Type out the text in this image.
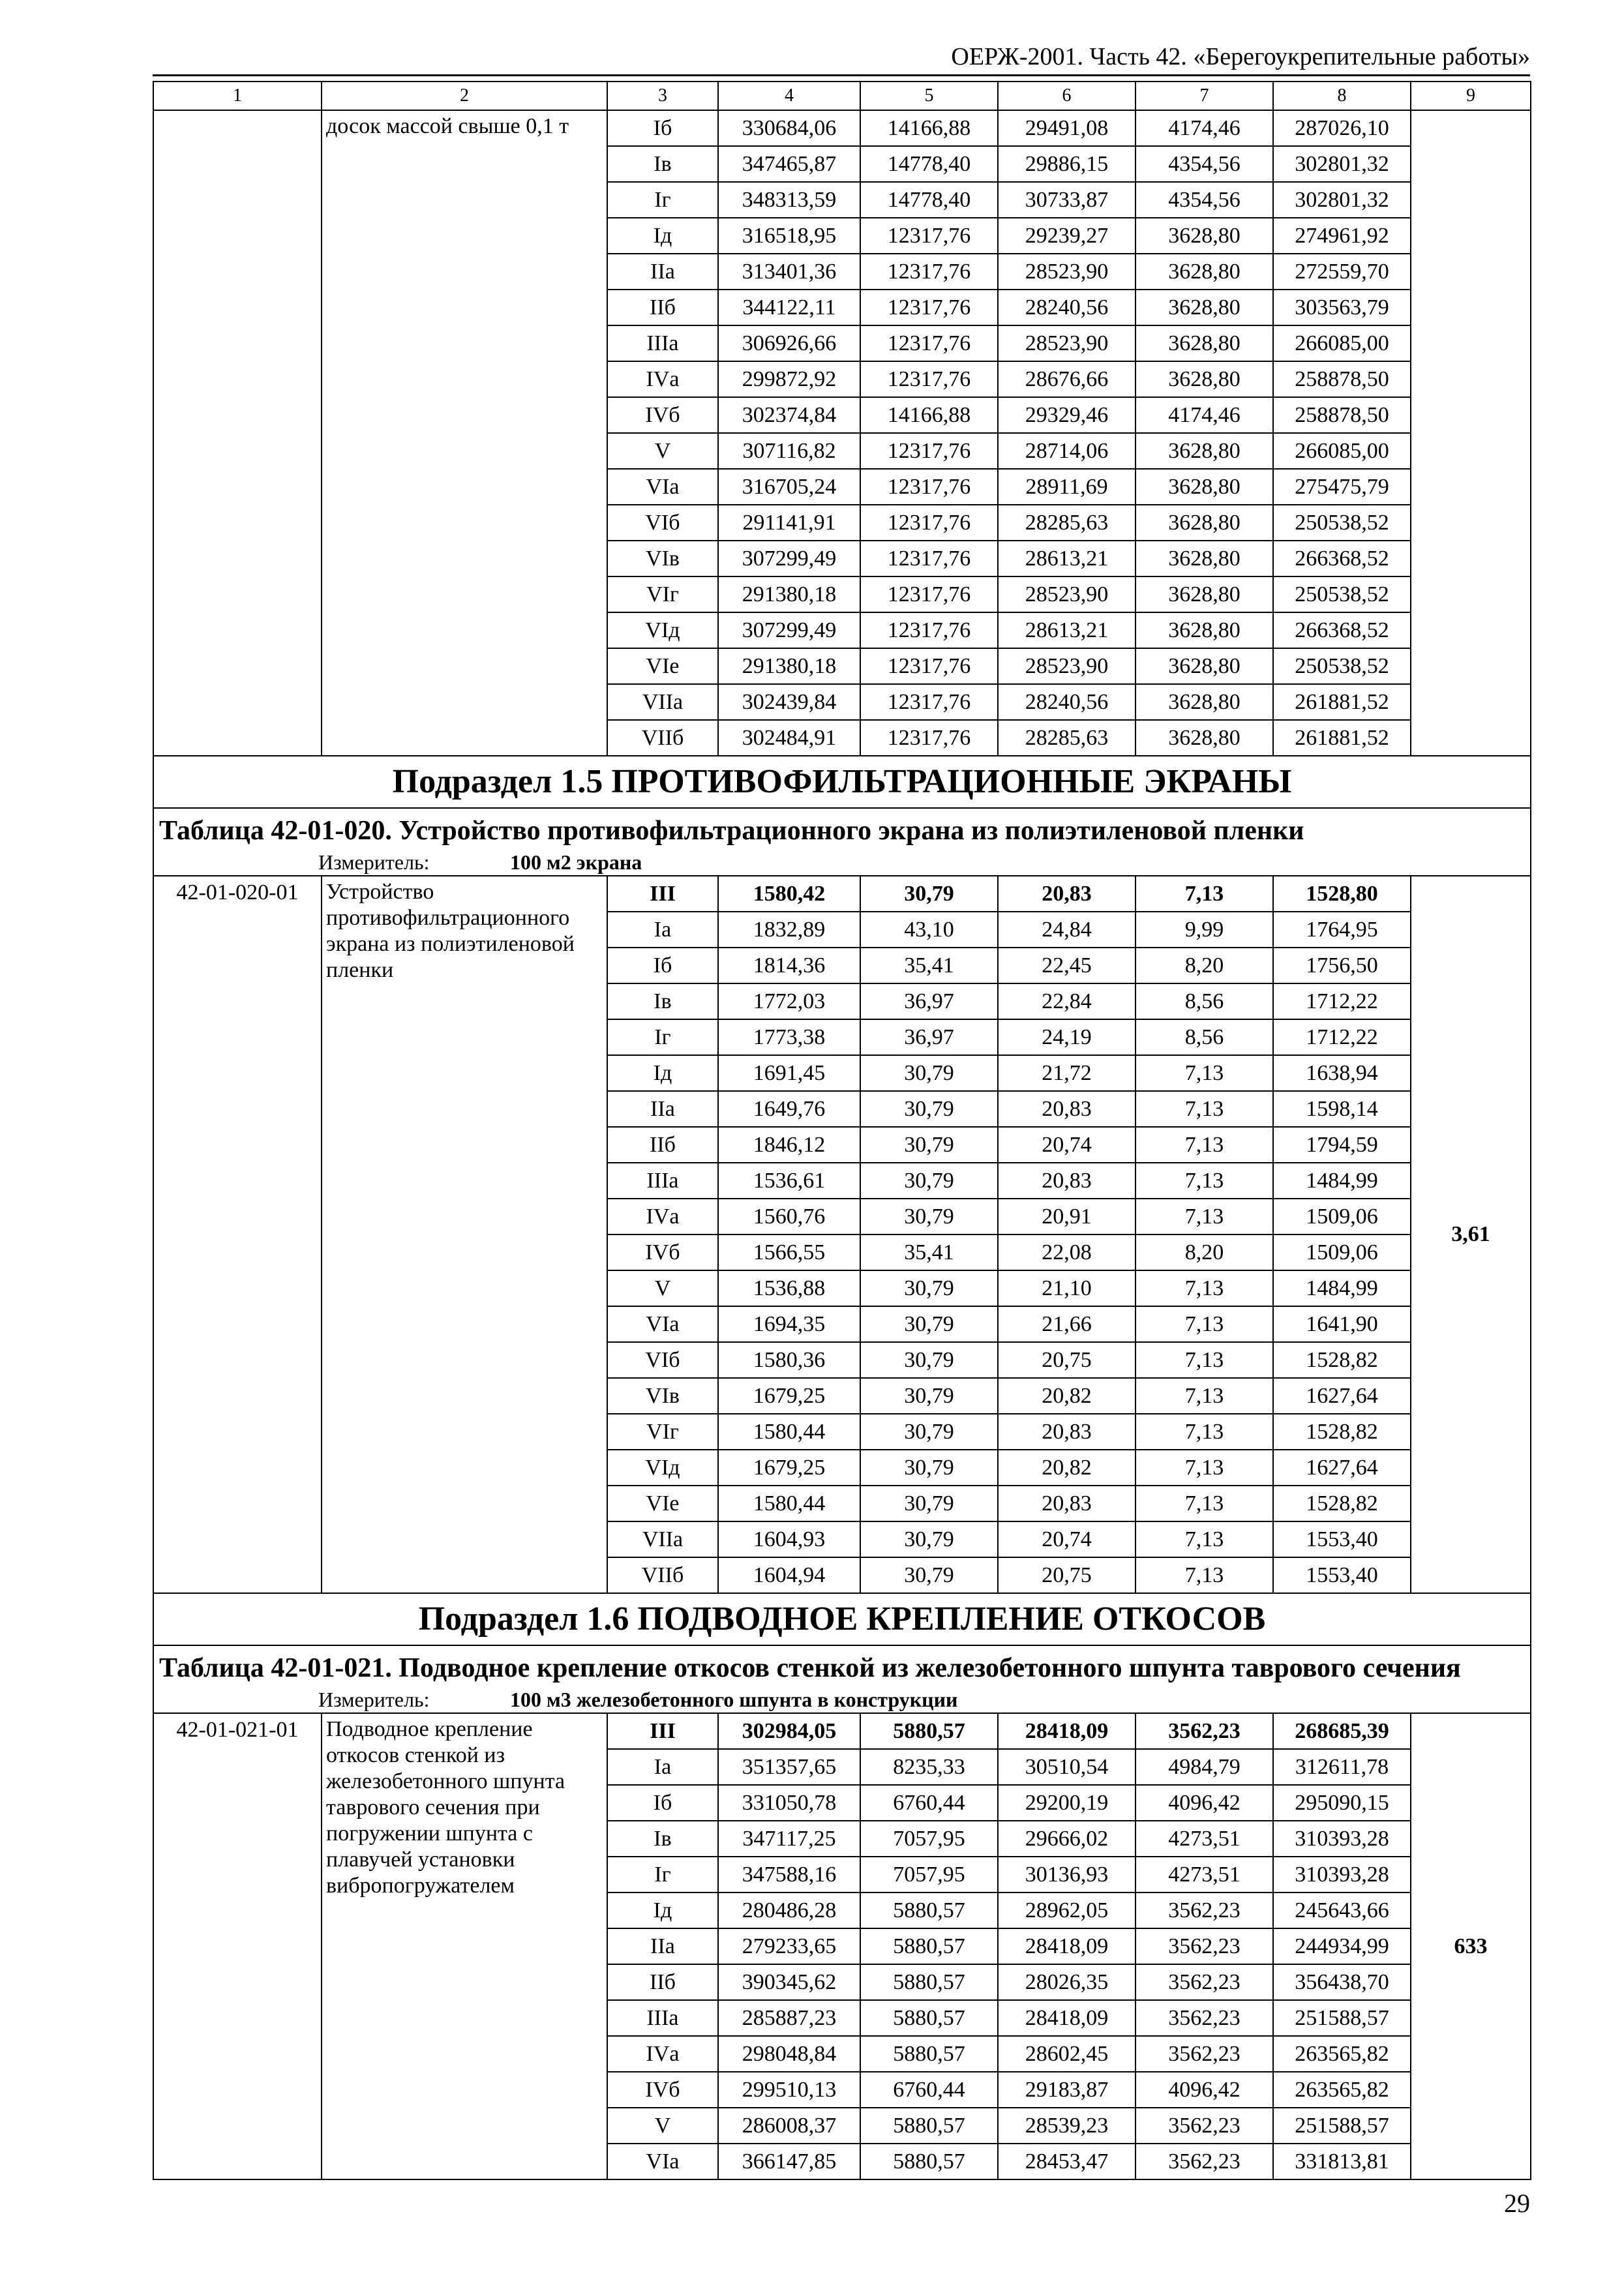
ОЕРЖ-2001. Часть 42. «Берегоукрепительные работы»
1	2	3	4	5	6	7	8	9
	досок массой свыше 0,1 т	Iб	330684,06	14166,88	29491,08	4174,46	287026,10	
		Iв	347465,87	14778,40	29886,15	4354,56	302801,32	
		Iг	348313,59	14778,40	30733,87	4354,56	302801,32	
		Iд	316518,95	12317,76	29239,27	3628,80	274961,92	
		IIа	313401,36	12317,76	28523,90	3628,80	272559,70	
		IIб	344122,11	12317,76	28240,56	3628,80	303563,79	
		IIIа	306926,66	12317,76	28523,90	3628,80	266085,00	
		IVа	299872,92	12317,76	28676,66	3628,80	258878,50	
		IVб	302374,84	14166,88	29329,46	4174,46	258878,50	
		V	307116,82	12317,76	28714,06	3628,80	266085,00	
		VIа	316705,24	12317,76	28911,69	3628,80	275475,79	
		VIб	291141,91	12317,76	28285,63	3628,80	250538,52	
		VIв	307299,49	12317,76	28613,21	3628,80	266368,52	
		VIг	291380,18	12317,76	28523,90	3628,80	250538,52	
		VIд	307299,49	12317,76	28613,21	3628,80	266368,52	
		VIе	291380,18	12317,76	28523,90	3628,80	250538,52	
		VIIа	302439,84	12317,76	28240,56	3628,80	261881,52	
		VIIб	302484,91	12317,76	28285,63	3628,80	261881,52	
Подраздел 1.5 ПРОТИВОФИЛЬТРАЦИОННЫЕ ЭКРАНЫ								
Таблица 42-01-020. Устройство противофильтрационного экрана из полиэтиленовой пленки								
Измеритель: 100 м2 экрана								
42-01-020-01	Устройство противофильтрационного экрана из полиэтиленовой пленки	III	1580,42	30,79	20,83	7,13	1528,80	3,61
		Iа	1832,89	43,10	24,84	9,99	1764,95	
		Iб	1814,36	35,41	22,45	8,20	1756,50	
		Iв	1772,03	36,97	22,84	8,56	1712,22	
		Iг	1773,38	36,97	24,19	8,56	1712,22	
		Iд	1691,45	30,79	21,72	7,13	1638,94	
		IIа	1649,76	30,79	20,83	7,13	1598,14	
		IIб	1846,12	30,79	20,74	7,13	1794,59	
		IIIа	1536,61	30,79	20,83	7,13	1484,99	
		IVа	1560,76	30,79	20,91	7,13	1509,06	
		IVб	1566,55	35,41	22,08	8,20	1509,06	
		V	1536,88	30,79	21,10	7,13	1484,99	
		VIа	1694,35	30,79	21,66	7,13	1641,90	
		VIб	1580,36	30,79	20,75	7,13	1528,82	
		VIв	1679,25	30,79	20,82	7,13	1627,64	
		VIг	1580,44	30,79	20,83	7,13	1528,82	
		VIд	1679,25	30,79	20,82	7,13	1627,64	
		VIе	1580,44	30,79	20,83	7,13	1528,82	
		VIIа	1604,93	30,79	20,74	7,13	1553,40	
		VIIб	1604,94	30,79	20,75	7,13	1553,40	
Подраздел 1.6 ПОДВОДНОЕ КРЕПЛЕНИЕ ОТКОСОВ								
Таблица 42-01-021. Подводное крепление откосов стенкой из железобетонного шпунта таврового сечения								
Измеритель: 100 м3 железобетонного шпунта в конструкции								
42-01-021-01	Подводное крепление откосов стенкой из железобетонного шпунта таврового сечения при погружении шпунта с плавучей установки вибропогружателем	III	302984,05	5880,57	28418,09	3562,23	268685,39	633
		Iа	351357,65	8235,33	30510,54	4984,79	312611,78	
		Iб	331050,78	6760,44	29200,19	4096,42	295090,15	
		Iв	347117,25	7057,95	29666,02	4273,51	310393,28	
		Iг	347588,16	7057,95	30136,93	4273,51	310393,28	
		Iд	280486,28	5880,57	28962,05	3562,23	245643,66	
		IIа	279233,65	5880,57	28418,09	3562,23	244934,99	
		IIб	390345,62	5880,57	28026,35	3562,23	356438,70	
		IIIа	285887,23	5880,57	28418,09	3562,23	251588,57	
		IVа	298048,84	5880,57	28602,45	3562,23	263565,82	
		IVб	299510,13	6760,44	29183,87	4096,42	263565,82	
		V	286008,37	5880,57	28539,23	3562,23	251588,57	
		VIа	366147,85	5880,57	28453,47	3562,23	331813,81	
29
